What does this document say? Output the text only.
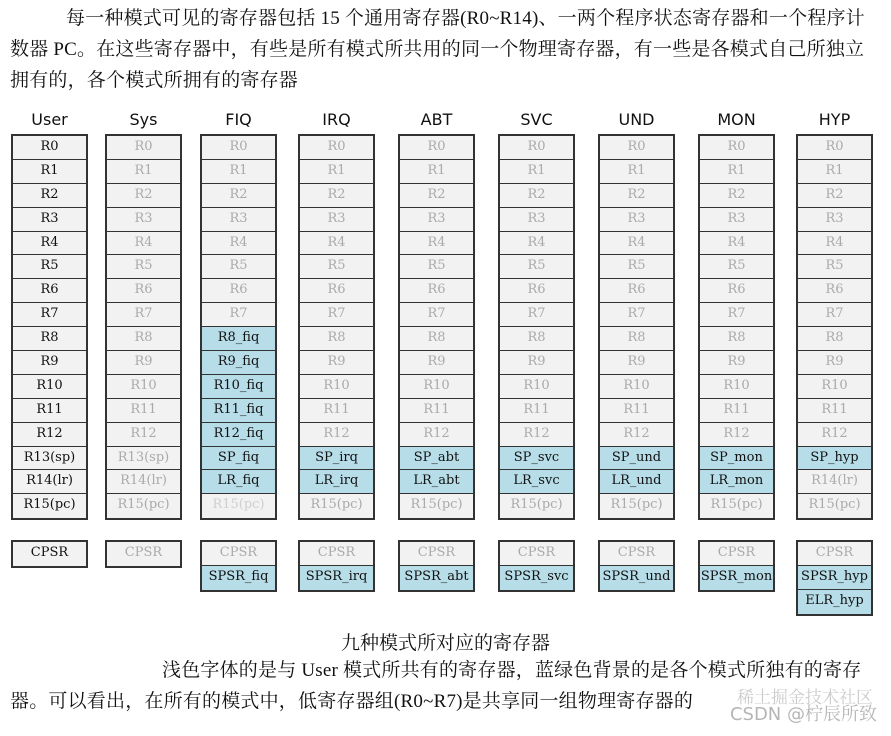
每一种模式可见的寄存器包括 15 个通用寄存器(R0~R14)、一两个程序状态寄存器和一个程序计数器 PC。在这些寄存器中，有些是所有模式所共用的同一个物理寄存器，有一些是各模式自己所独立拥有的，各个模式所拥有的寄存器
User
R0
R1
R2
R3
R4
R5
R6
R7
R8
R9
R10
R11
R12
R13(sp)
R14(lr)
R15(pc)
CPSR
Sys
R0
R1
R2
R3
R4
R5
R6
R7
R8
R9
R10
R11
R12
R13(sp)
R14(lr)
R15(pc)
CPSR
FIQ
R0
R1
R2
R3
R4
R5
R6
R7
R8_fiq
R9_fiq
R10_fiq
R11_fiq
R12_fiq
SP_fiq
LR_fiq
R15(pc)
CPSR
SPSR_fiq
IRQ
R0
R1
R2
R3
R4
R5
R6
R7
R8
R9
R10
R11
R12
SP_irq
LR_irq
R15(pc)
CPSR
SPSR_irq
ABT
R0
R1
R2
R3
R4
R5
R6
R7
R8
R9
R10
R11
R12
SP_abt
LR_abt
R15(pc)
CPSR
SPSR_abt
SVC
R0
R1
R2
R3
R4
R5
R6
R7
R8
R9
R10
R11
R12
SP_svc
LR_svc
R15(pc)
CPSR
SPSR_svc
UND
R0
R1
R2
R3
R4
R5
R6
R7
R8
R9
R10
R11
R12
SP_und
LR_und
R15(pc)
CPSR
SPSR_und
MON
R0
R1
R2
R3
R4
R5
R6
R7
R8
R9
R10
R11
R12
SP_mon
LR_mon
R15(pc)
CPSR
SPSR_mon
HYP
R0
R1
R2
R3
R4
R5
R6
R7
R8
R9
R10
R11
R12
SP_hyp
R14(lr)
R15(pc)
CPSR
SPSR_hyp
ELR_hyp
九种模式所对应的寄存器
浅色字体的是与 User 模式所共有的寄存器，蓝绿色背景的是各个模式所独有的寄存器。可以看出，在所有的模式中，低寄存器组(R0~R7)是共享同一组物理寄存器的	稀土掘金技术社区
CSDN @柠辰所致
